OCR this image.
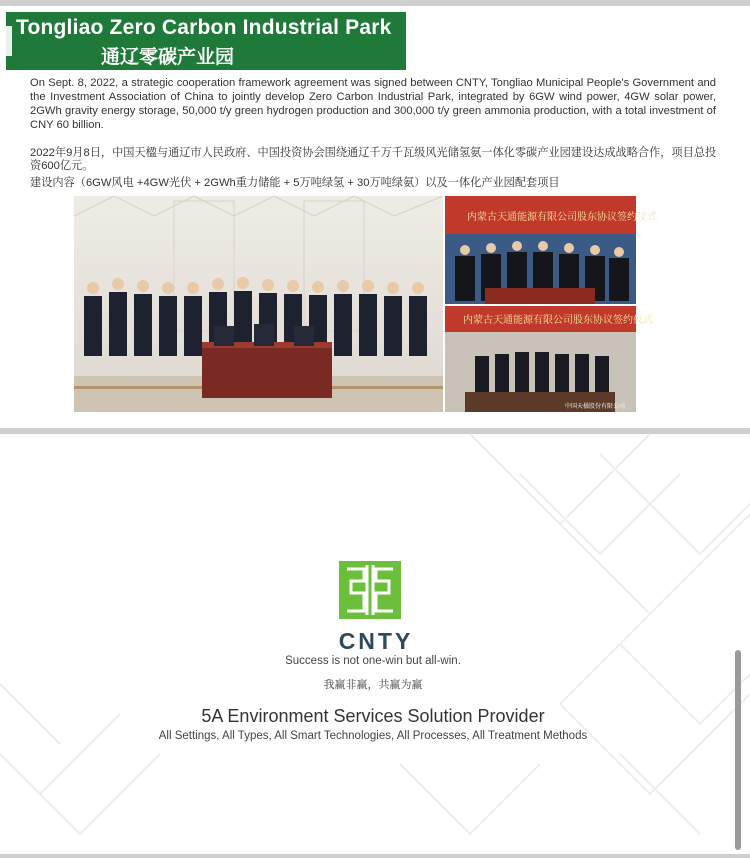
Tongliao Zero Carbon Industrial Park
通辽零碳产业园
On Sept. 8, 2022, a strategic cooperation framework agreement was signed between CNTY, Tongliao Municipal People's Government and the Investment Association of China to jointly develop Zero Carbon Industrial Park, integrated by 6GW wind power, 4GW solar power, 2GWh gravity energy storage, 50,000 t/y green hydrogen production and 300,000 t/y green ammonia production, with a total investment of CNY 60 billion.
2022年9月8日，中国天楹与通辽市人民政府、中国投资协会围绕通辽千万千瓦级风光储氢氨一体化零碳产业园建设达成战略合作，项目总投资600亿元。
建设内容（6GW风电 +4GW光伏 + 2GWh重力储能 + 5万吨绿氢 + 30万吨绿氨）以及一体化产业园配套项目
内蒙古天通能源有限公司股东协议签约仪式
内蒙古天通能源有限公司股东协议签约仪式
中国天楹股份有限公司
CNTY
Success is not one-win but all-win.
我赢非赢，共赢为赢
5A Environment Services Solution Provider
All Settings, All Types, All Smart Technologies, All Processes, All Treatment Methods
